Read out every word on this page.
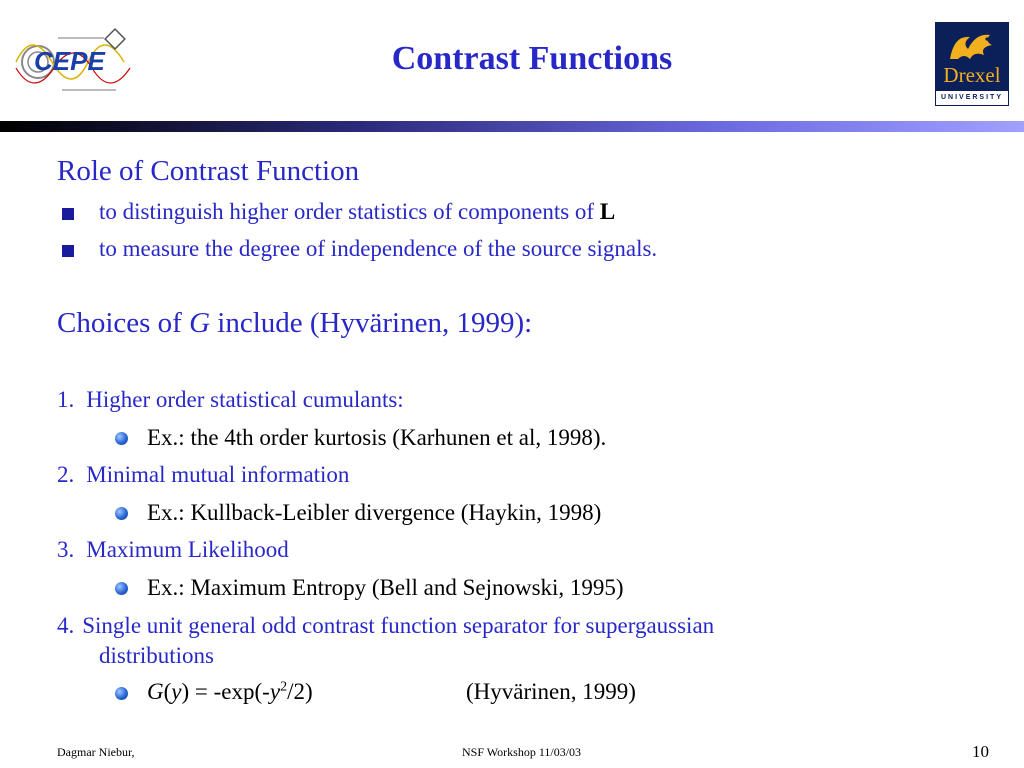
CEPE	Contrast Functions	Drexel
UNIVERSITY
Role of Contrast Function
to distinguish higher order statistics of components of L
to measure the degree of independence of the source signals.
Choices of G include (Hyvärinen, 1999):
1. Higher order statistical cumulants:
Ex.: the 4th order kurtosis (Karhunen et al, 1998).
2. Minimal mutual information
Ex.: Kullback-Leibler divergence (Haykin, 1998)
3. Maximum Likelihood
Ex.: Maximum Entropy (Bell and Sejnowski, 1995)
4. Single unit general odd contrast function separator for supergaussian
distributions
$G(y) = -\exp(-y^2/2)$	(Hyvärinen, 1999)
Dagmar Niebur,	NSF Workshop 11/03/03	10
